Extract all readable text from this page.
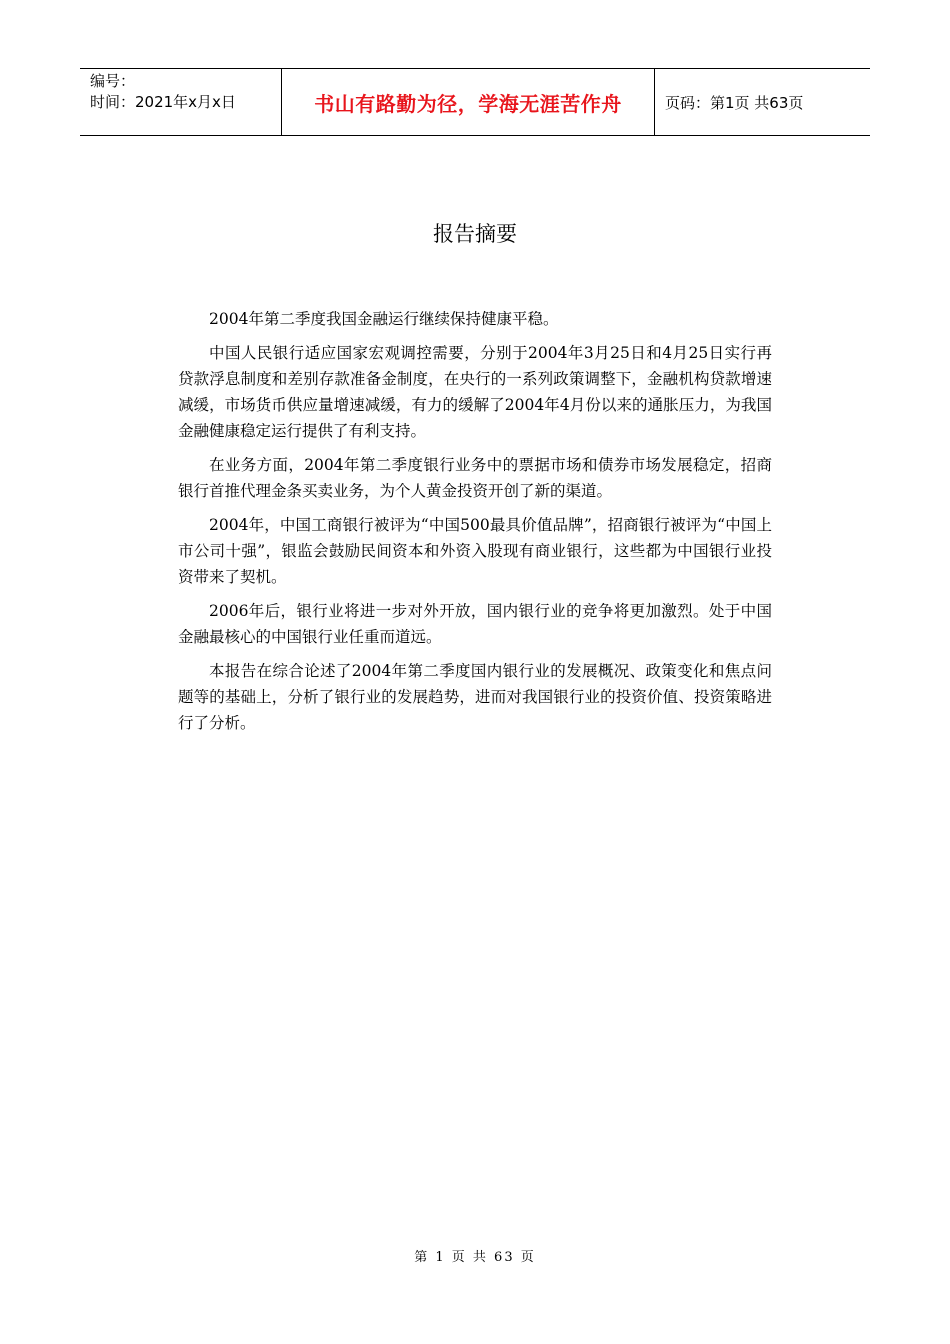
编号：
时间：2021年x月x日	书山有路勤为径，学海无涯苦作舟	页码：第1页 共63页
报告摘要

2004年第二季度我国金融运行继续保持健康平稳。

中国人民银行适应国家宏观调控需要，分别于2004年3月25日和4月25日实行再贷款浮息制度和差别存款准备金制度，在央行的一系列政策调整下，金融机构贷款增速减缓，市场货币供应量增速减缓，有力的缓解了2004年4月份以来的通胀压力，为我国金融健康稳定运行提供了有利支持。

在业务方面，2004年第二季度银行业务中的票据市场和债券市场发展稳定，招商银行首推代理金条买卖业务，为个人黄金投资开创了新的渠道。

2004年，中国工商银行被评为“中国500最具价值品牌”，招商银行被评为“中国上市公司十强”，银监会鼓励民间资本和外资入股现有商业银行，这些都为中国银行业投资带来了契机。

2006年后，银行业将进一步对外开放，国内银行业的竞争将更加激烈。处于中国金融最核心的中国银行业任重而道远。

本报告在综合论述了2004年第二季度国内银行业的发展概况、政策变化和焦点问题等的基础上，分析了银行业的发展趋势，进而对我国银行业的投资价值、投资策略进行了分析。

第 1 页 共 63 页
